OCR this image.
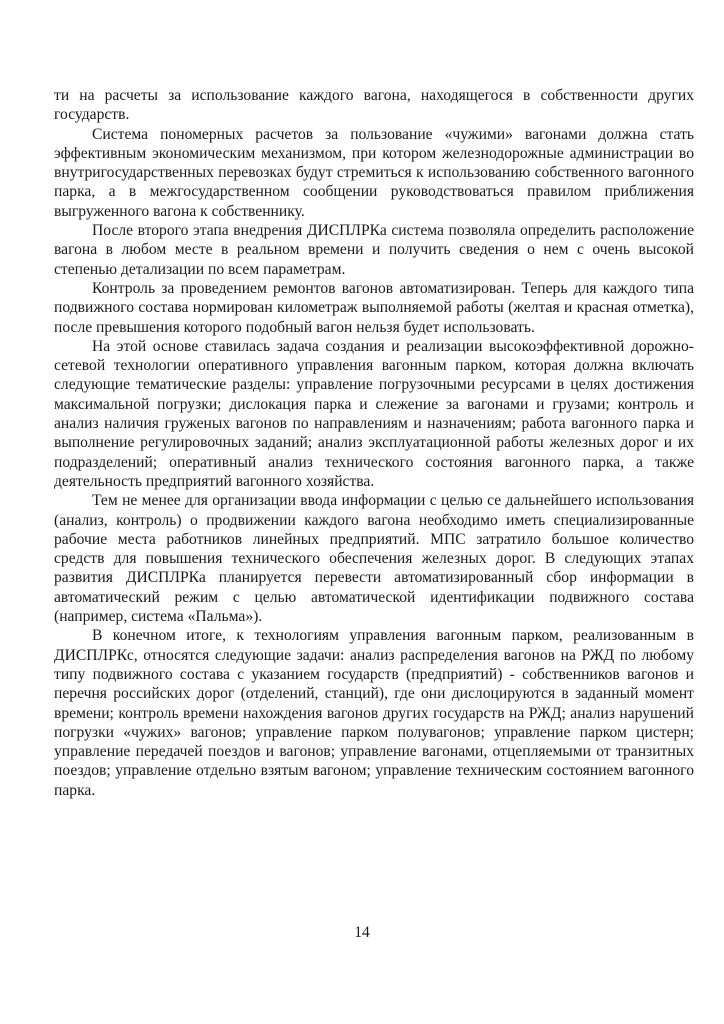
ти на расчеты за использование каждого вагона, находящегося в собственности других государств.

Система пономерных расчетов за пользование «чужими» вагонами должна стать эффективным экономическим механизмом, при котором железнодорожные администрации во внутригосударственных перевозках будут стремиться к использованию собственного вагонного парка, а в межгосударственном сообщении руководствоваться правилом приближения выгруженного вагона к собственнику.

После второго этапа внедрения ДИСПЛРКа система позволяла определить расположение вагона в любом месте в реальном времени и получить сведения о нем с очень высокой степенью детализации по всем параметрам.

Контроль за проведением ремонтов вагонов автоматизирован. Теперь для каждого типа подвижного состава нормирован километраж выполняемой работы (желтая и красная отметка), после превышения которого подобный вагон нельзя будет использовать.

На этой основе ставилась задача создания и реализации высокоэффективной дорожно-сетевой технологии оперативного управления вагонным парком, которая должна включать следующие тематические разделы: управление погрузочными ресурсами в целях достижения максимальной погрузки; дислокация парка и слежение за вагонами и грузами; контроль и анализ наличия груженых вагонов по направлениям и назначениям; работа вагонного парка и выполнение регулировочных заданий; анализ эксплуатационной работы железных дорог и их подразделений; оперативный анализ технического состояния вагонного парка, а также деятельность предприятий вагонного хозяйства.

Тем не менее для организации ввода информации с целью се дальнейшего использования (анализ, контроль) о продвижении каждого вагона необходимо иметь специализированные рабочие места работников линейных предприятий. МПС затратило большое количество средств для повышения технического обеспечения железных дорог. В следующих этапах развития ДИСПЛРКа планируется перевести автоматизированный сбор информации в автоматический режим с целью автоматической идентификации подвижного состава (например, система «Пальма»).

В конечном итоге, к технологиям управления вагонным парком, реализованным в ДИСПЛРКс, относятся следующие задачи: анализ распределения вагонов на РЖД по любому типу подвижного состава с указанием государств (предприятий) - собственников вагонов и перечня российских дорог (отделений, станций), где они дислоцируются в заданный момент времени; контроль времени нахождения вагонов других государств на РЖД; анализ нарушений погрузки «чужих» вагонов; управление парком полувагонов; управление парком цистерн; управление передачей поездов и вагонов; управление вагонами, отцепляемыми от транзитных поездов; управление отдельно взятым вагоном; управление техническим состоянием вагонного парка.

14
